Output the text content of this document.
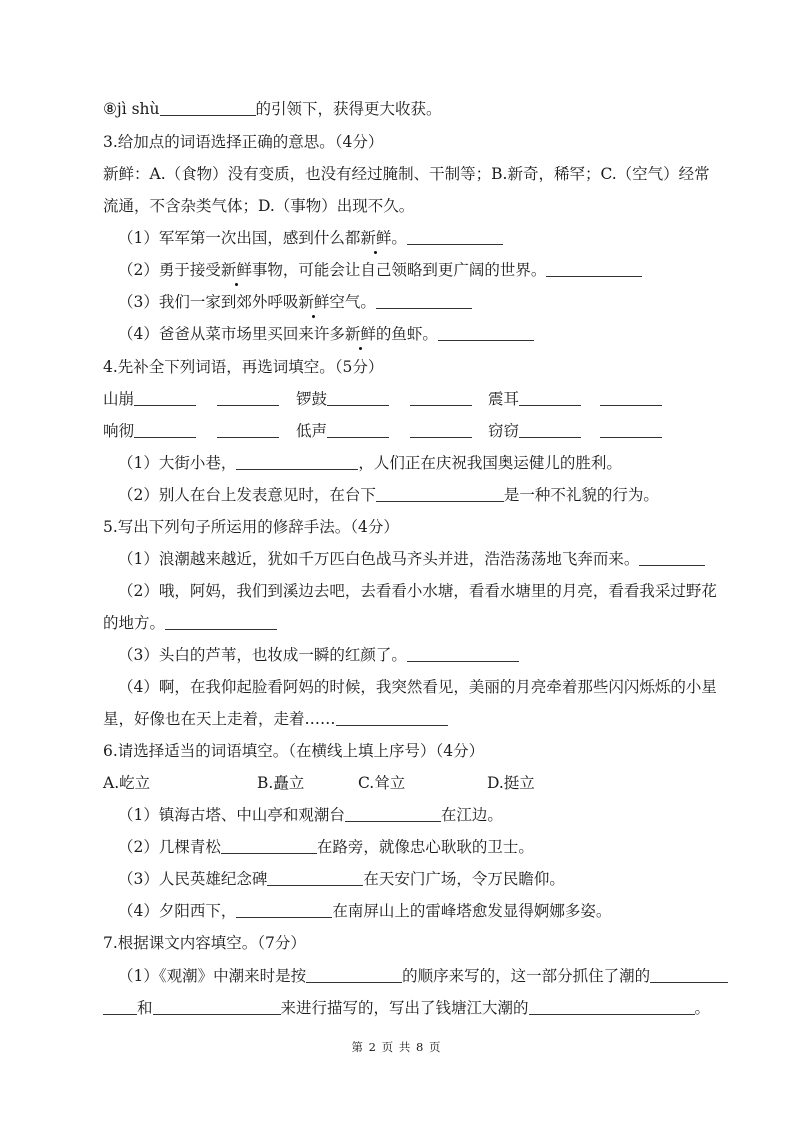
⑧jì shù	的引领下，获得更大收获。
3.给加点的词语选择正确的意思。（4分）
新鲜：A.（食物）没有变质，也没有经过腌制、干制等；B.新奇，稀罕；C.（空气）经常
流通，不含杂类气体；D.（事物）出现不久。
（1）军军第一次出国，感到什么都新鲜。
（2）勇于接受新鲜事物，可能会让自己领略到更广阔的世界。
（3）我们一家到郊外呼吸新鲜空气。
（4）爸爸从菜市场里买回来许多新鲜的鱼虾。
4.先补全下列词语，再选词填空。（5分）
山崩	锣鼓	震耳
响彻	低声	窃窃
（1）大街小巷，	，人们正在庆祝我国奥运健儿的胜利。
（2）别人在台上发表意见时，在台下	是一种不礼貌的行为。
5.写出下列句子所运用的修辞手法。（4分）
（1）浪潮越来越近，犹如千万匹白色战马齐头并进，浩浩荡荡地飞奔而来。
（2）哦，阿妈，我们到溪边去吧，去看看小水塘，看看水塘里的月亮，看看我采过野花
的地方。
（3）头白的芦苇，也妆成一瞬的红颜了。
（4）啊，在我仰起脸看阿妈的时候，我突然看见，美丽的月亮牵着那些闪闪烁烁的小星
星，好像也在天上走着，走着……
6.请选择适当的词语填空。（在横线上填上序号）（4分）
A.屹立	B.矗立	C.耸立	D.挺立
（1）镇海古塔、中山亭和观潮台	在江边。
（2）几棵青松	在路旁，就像忠心耿耿的卫士。
（3）人民英雄纪念碑	在天安门广场，令万民瞻仰。
（4）夕阳西下，	在南屏山上的雷峰塔愈发显得婀娜多姿。
7.根据课文内容填空。（7分）
（1）《观潮》中潮来时是按	的顺序来写的，这一部分抓住了潮的
和	来进行描写的，写出了钱塘江大潮的	。
第 2 页 共 8 页
